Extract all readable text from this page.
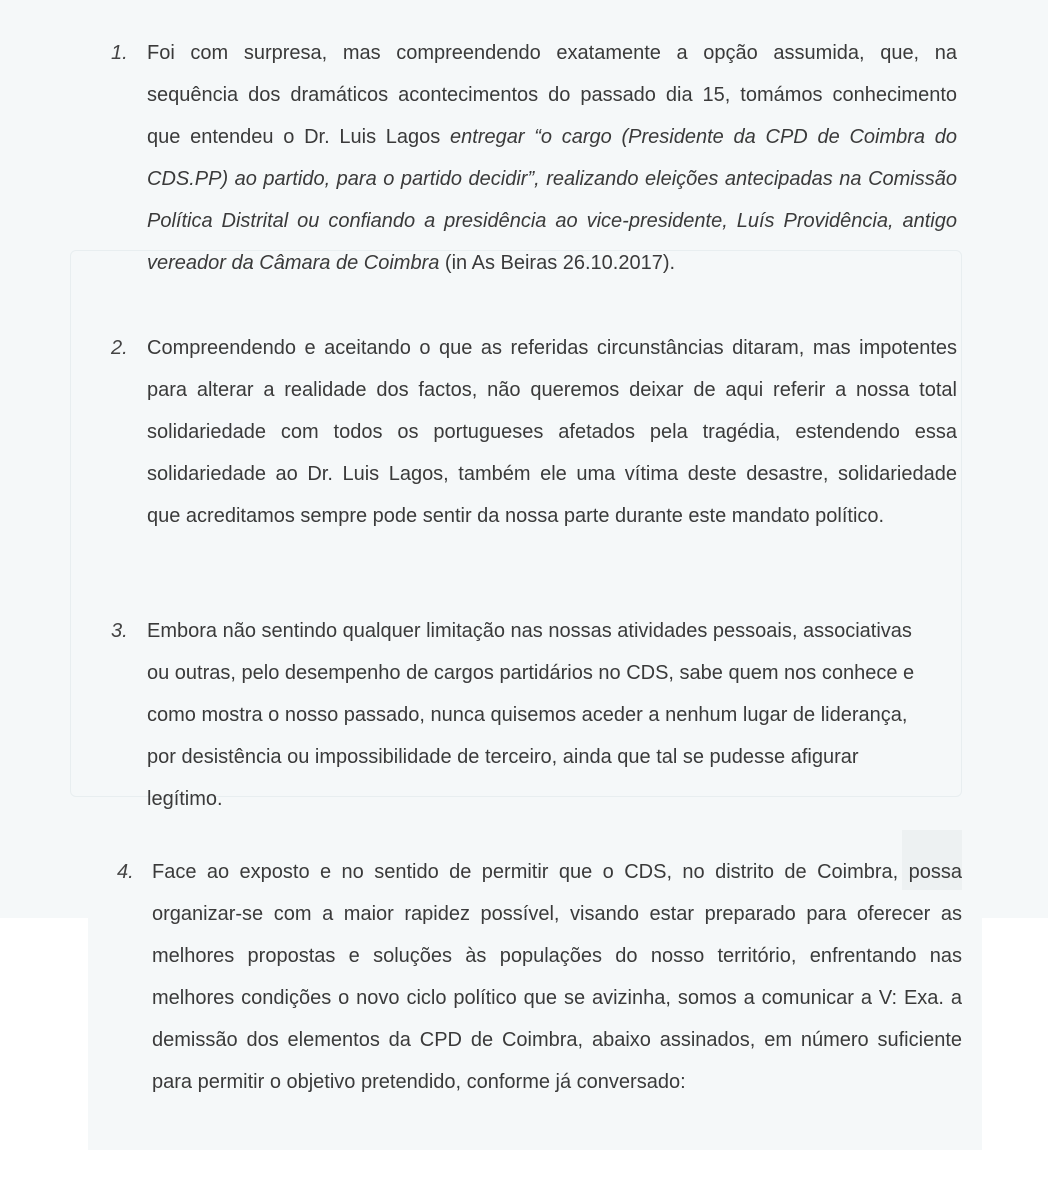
1. Foi com surpresa, mas compreendendo exatamente a opção assumida, que, na
sequência dos dramáticos acontecimentos do passado dia 15, tomámos conhecimento
que entendeu o Dr. Luis Lagos entregar “o cargo (Presidente da CPD de Coimbra do
CDS.PP) ao partido, para o partido decidir”, realizando eleições antecipadas na Comissão
Política Distrital ou confiando a presidência ao vice-presidente, Luís Providência, antigo
vereador da Câmara de Coimbra (in As Beiras 26.10.2017).
2. Compreendendo e aceitando o que as referidas circunstâncias ditaram, mas impotentes
para alterar a realidade dos factos, não queremos deixar de aqui referir a nossa total
solidariedade com todos os portugueses afetados pela tragédia, estendendo essa
solidariedade ao Dr. Luis Lagos, também ele uma vítima deste desastre, solidariedade
que acreditamos sempre pode sentir da nossa parte durante este mandato político.
3. Embora não sentindo qualquer limitação nas nossas atividades pessoais, associativas
ou outras, pelo desempenho de cargos partidários no CDS, sabe quem nos conhece e
como mostra o nosso passado, nunca quisemos aceder a nenhum lugar de liderança,
por desistência ou impossibilidade de terceiro, ainda que tal se pudesse afigurar
legítimo.
4. Face ao exposto e no sentido de permitir que o CDS, no distrito de Coimbra, possa
organizar-se com a maior rapidez possível, visando estar preparado para oferecer as
melhores propostas e soluções às populações do nosso território, enfrentando nas
melhores condições o novo ciclo político que se avizinha, somos a comunicar a V: Exa. a
demissão dos elementos da CPD de Coimbra, abaixo assinados, em número suficiente
para permitir o objetivo pretendido, conforme já conversado:
